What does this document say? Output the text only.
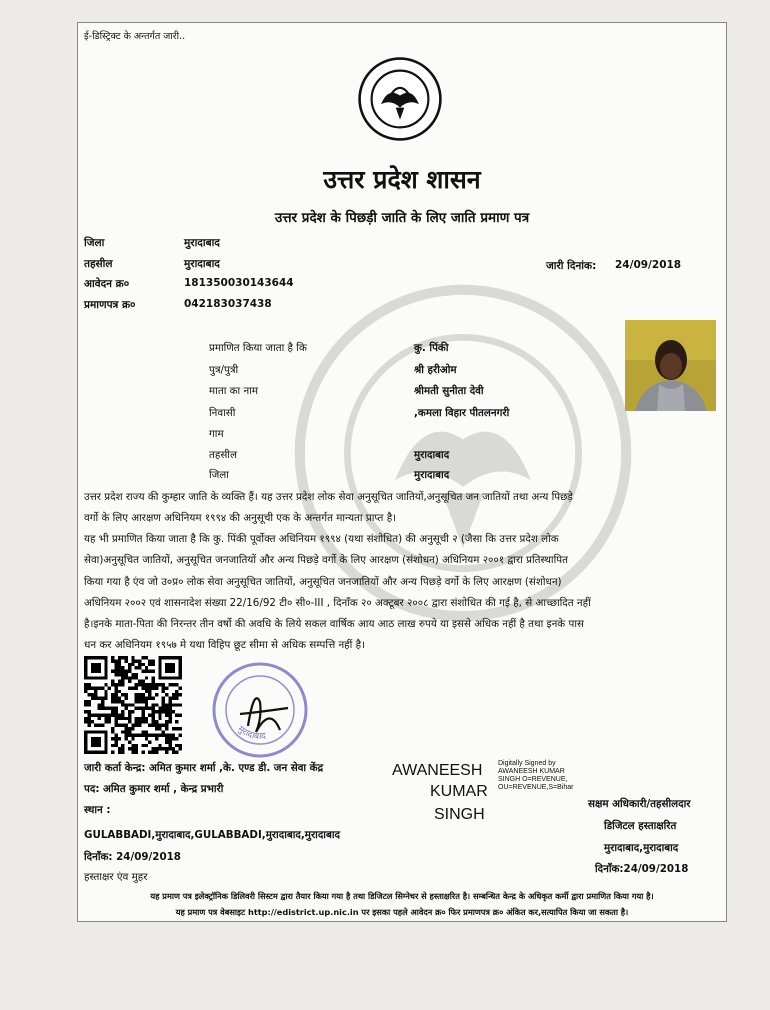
ई-डिस्ट्रिक्ट के अन्तर्गत जारी..
उत्तर प्रदेश शासन
उत्तर प्रदेश के पिछड़ी जाति के लिए जाति प्रमाण पत्र
जिला	मुरादाबाद
तहसील	मुरादाबाद	जारी दिनांक: 24/09/2018
आवेदन क्र०	181350030143644
प्रमाणपत्र क्र०	042183037438
प्रमाणित किया जाता है कि	कु. पिंकी
पुत्र/पुत्री	श्री हरीओम
माता का नाम	श्रीमती सुनीता देवी
निवासी	,कमला विहार पीतलनगरी
गाम
तहसील	मुरादाबाद
जिला	मुरादाबाद

उत्तर प्रदेश राज्य की कुम्हार जाति के व्यक्ति हैं। यह उत्तर प्रदेश लोक सेवा अनुसूचित जातियों,अनुसूचित जन जातियों तथा अन्य पिछड़े

वर्गो के लिए आरक्षण अधिनियम १९९४ की अनुसूची एक के अन्तर्गत मान्यता प्राप्त है।

यह भी प्रमाणित किया जाता है कि कु. पिंकी पूर्वोक्त अधिनियम १९९४ (यथा संशोधित) की अनुसूची २ (जैसा कि उत्तर प्रदेश लोक

सेवा)अनुसूचित जातियों, अनुसूचित जनजातियों और अन्य पिछड़े वर्गो के लिए आरक्षण (संशोधन) अधिनियम २००१ द्वारा प्रतिस्थापित

किया गया है एंव जो उ०प्र० लोक सेवा अनुसूचित जातियों, अनुसूचित जनजातियों और अन्य पिछड़े वर्गो के लिए आरक्षण (संशोधन)

अधिनियम २००२ एवं शासनादेश संख्या 22/16/92 टी० सी०-III , दिनाँक २० अक्टूबर २००८ द्वारा संशोधित की गई है, से आच्छादित नहीं

है।इनके माता-पिता की निरन्तर तीन वर्षो की अवधि के लिये सकल वार्षिक आय आठ लाख रुपये या इससे अधिक नहीं है तथा इनके पास

धन कर अधिनियम १९५७ मे यथा विहिप छूट सीमा से अधिक सम्पत्ति नहीं है।

मुरादाबाद
जारी कर्ता केन्द्र: अमित कुमार शर्मा ,के. एण्ड डी. जन सेवा केंद्र
पद: अमित कुमार शर्मा , केन्द्र प्रभारी
स्थान :
GULABBADI,मुरादाबाद,GULABBADI,मुरादाबाद,मुरादाबाद
दिनाँक: 24/09/2018
हस्ताक्षर एंव मुहर
AWANEESH
KUMAR
SINGH
Digitally Signed by
AWANEESH KUMAR
SINGH O=REVENUE,
OU=REVENUE,S=Bihar
सक्षम अधिकारी/तहसीलदार
डिजिटल हस्ताक्षरित
मुरादाबाद,मुरादाबाद
दिनाँक:24/09/2018
यह प्रमाण पत्र इलेक्ट्रॉनिक डिलिवरी सिस्टम द्वारा तैयार किया गया है तथा डिजिटल सिग्नेचर से हस्ताक्षरित है। सम्बन्धित केन्द्र के अधिकृत कर्मी द्वारा प्रमाणित किया गया है।
यह प्रमाण पत्र वेबसाइट http://edistrict.up.nic.in पर इसका पहले आवेदन क्र० फिर प्रमाणपत्र क्र० अंकित कर,सत्यापित किया जा सकता है।
